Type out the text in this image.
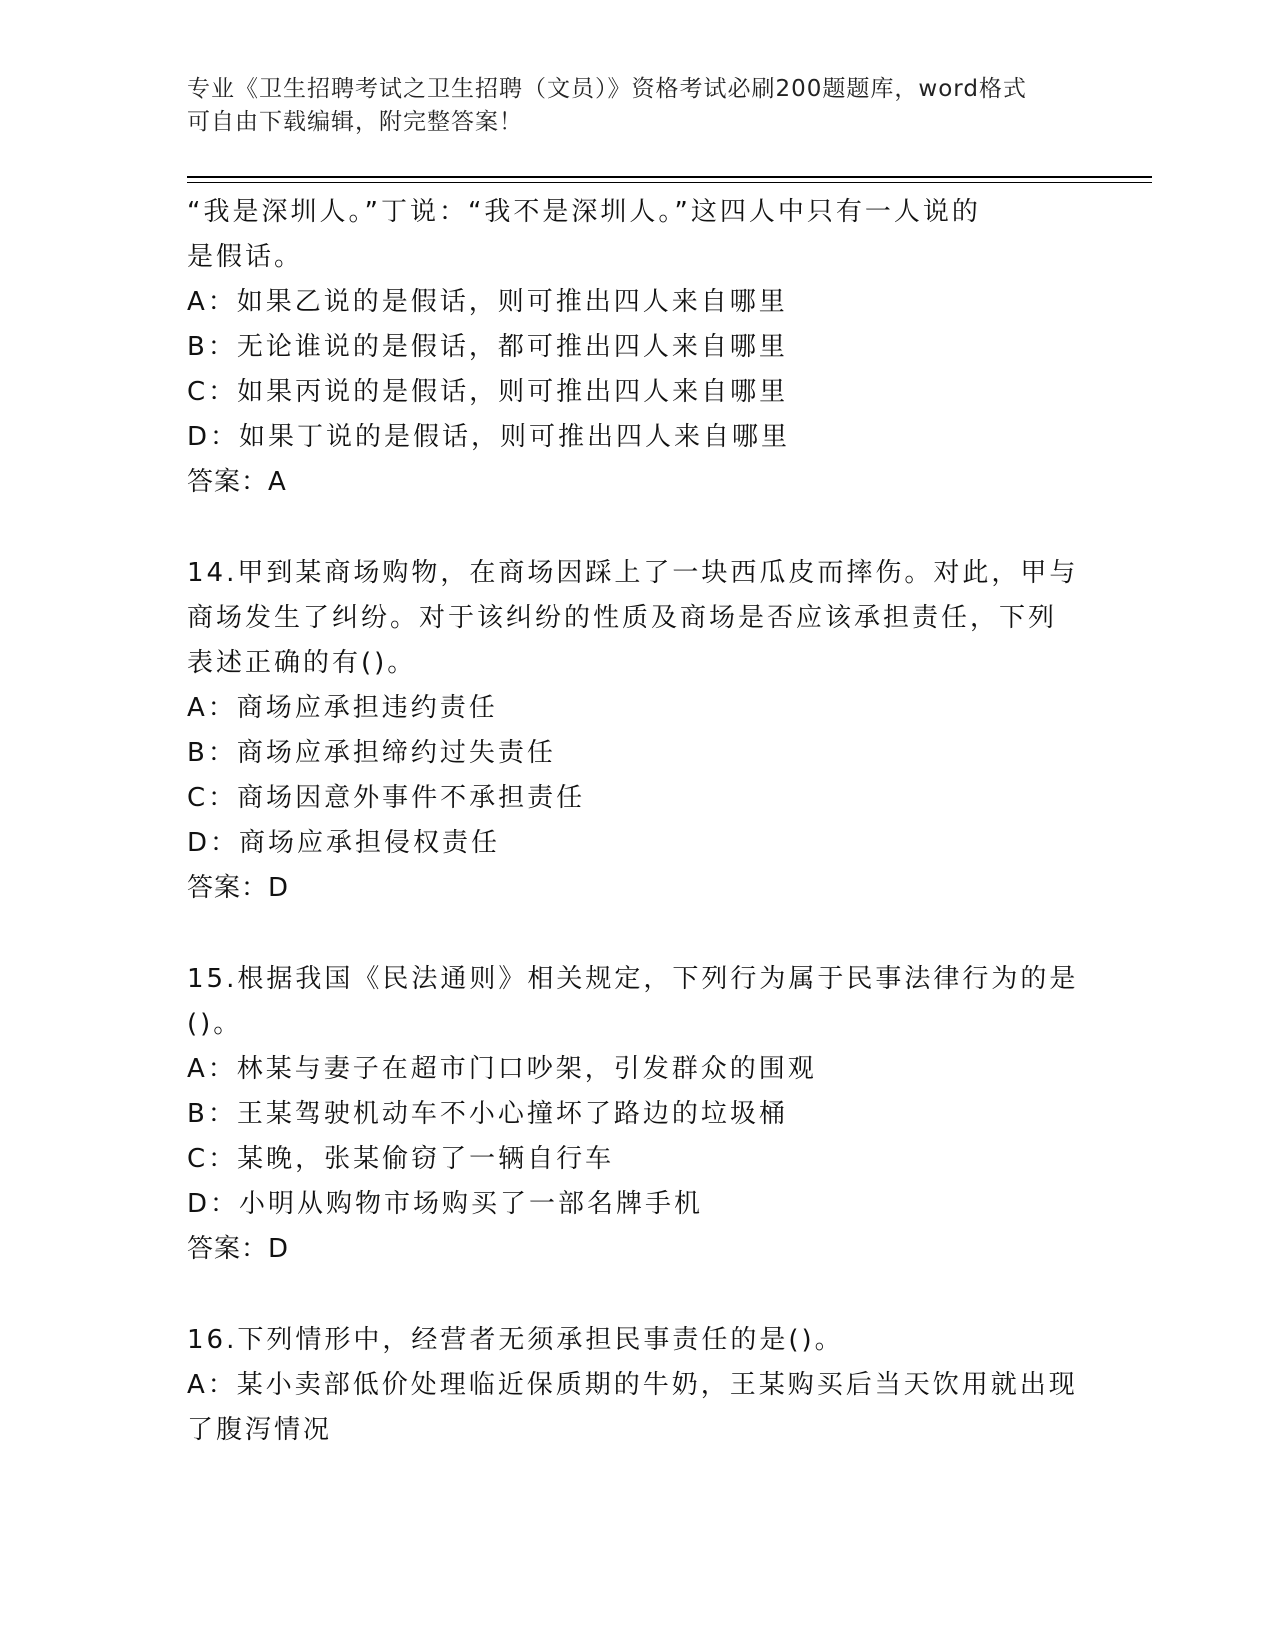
专业《卫生招聘考试之卫生招聘（文员）》资格考试必刷200题题库，word格式
可自由下载编辑，附完整答案！
“我是深圳人。”丁说：“我不是深圳人。”这四人中只有一人说的
是假话。
A：如果乙说的是假话，则可推出四人来自哪里
B：无论谁说的是假话，都可推出四人来自哪里
C：如果丙说的是假话，则可推出四人来自哪里
D：如果丁说的是假话，则可推出四人来自哪里
答案：A
14.甲到某商场购物，在商场因踩上了一块西瓜皮而摔伤。对此，甲与
商场发生了纠纷。对于该纠纷的性质及商场是否应该承担责任，下列
表述正确的有()。
A：商场应承担违约责任
B：商场应承担缔约过失责任
C：商场因意外事件不承担责任
D：商场应承担侵权责任
答案：D
15.根据我国《民法通则》相关规定，下列行为属于民事法律行为的是
()。
A：林某与妻子在超市门口吵架，引发群众的围观
B：王某驾驶机动车不小心撞坏了路边的垃圾桶
C：某晚，张某偷窃了一辆自行车
D：小明从购物市场购买了一部名牌手机
答案：D
16.下列情形中，经营者无须承担民事责任的是()。
A：某小卖部低价处理临近保质期的牛奶，王某购买后当天饮用就出现
了腹泻情况
